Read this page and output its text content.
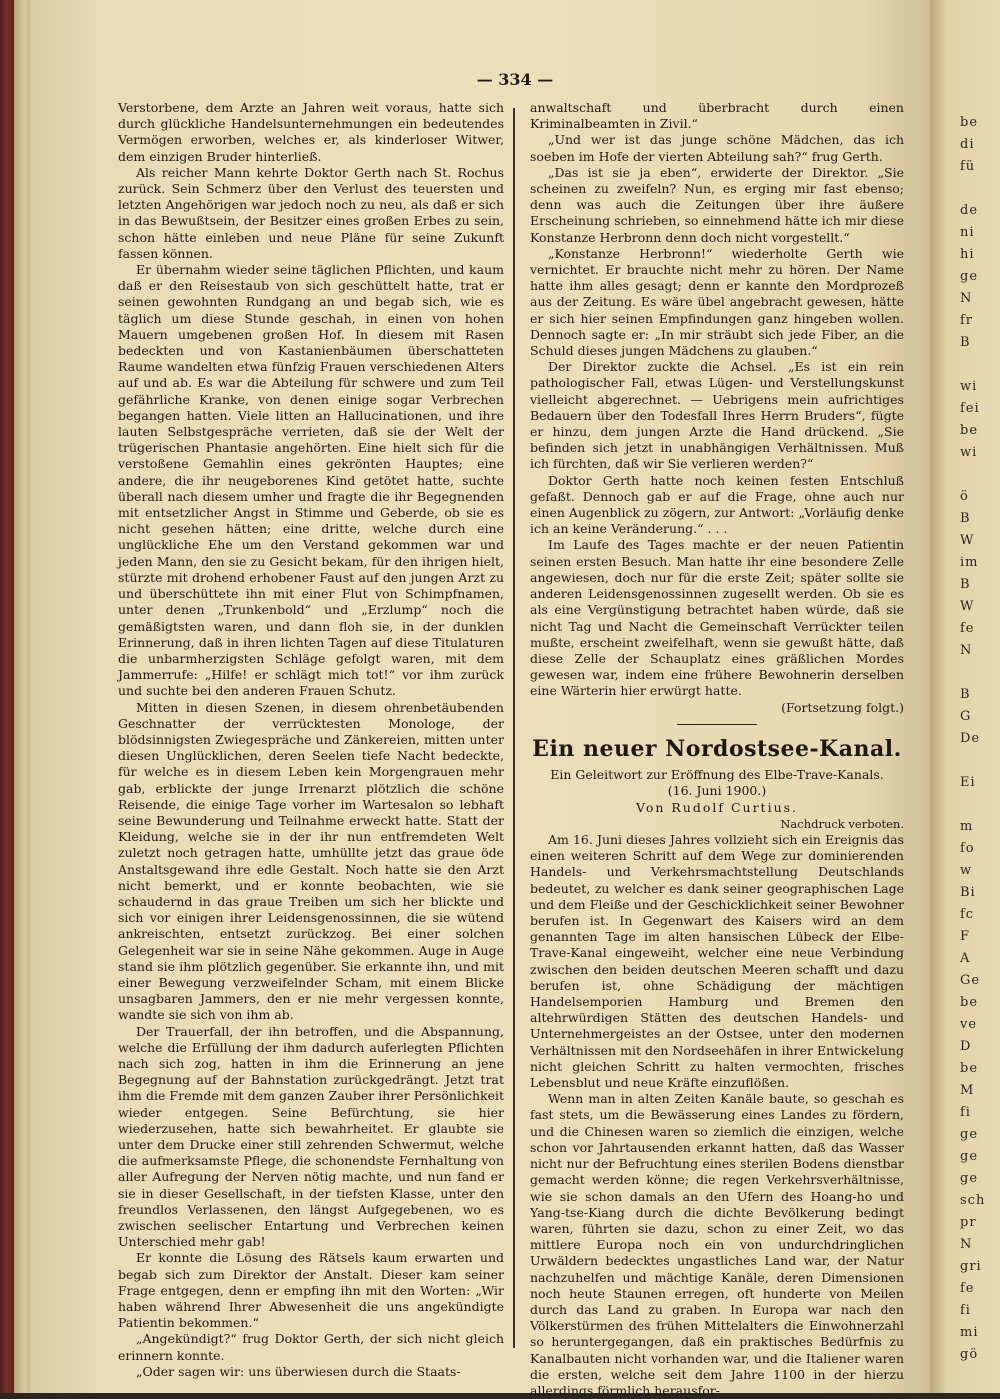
be
di
fü

de
ni
hi
ge
N
fr
B

wi
fei
be
wi

ö
B
W
im
B
W
fe
N

B
G
De

Ei

m
fo
w
Bi
fc
F
A
Ge
be
ve
D
be
M
fi
ge
ge
ge
sch
pr
N
gri
fe
fi
mi
gö
— 334 —

Verstorbene, dem Arzte an Jahren weit voraus, hatte sich durch glückliche Handelsunternehmungen ein bedeutendes Vermögen erworben, welches er, als kinderloser Witwer, dem einzigen Bruder hinterließ.

Als reicher Mann kehrte Doktor Gerth nach St. Rochus zurück. Sein Schmerz über den Verlust des teuersten und letzten Angehörigen war jedoch noch zu neu, als daß er sich in das Bewußtsein, der Besitzer eines großen Erbes zu sein, schon hätte einleben und neue Pläne für seine Zukunft fassen können.

Er übernahm wieder seine täglichen Pflichten, und kaum daß er den Reisestaub von sich geschüttelt hatte, trat er seinen gewohnten Rundgang an und begab sich, wie es täglich um diese Stunde geschah, in einen von hohen Mauern umgebenen großen Hof. In diesem mit Rasen bedeckten und von Kastanienbäumen überschatteten Raume wandelten etwa fünfzig Frauen verschiedenen Alters auf und ab. Es war die Abteilung für schwere und zum Teil gefährliche Kranke, von denen einige sogar Verbrechen begangen hatten. Viele litten an Hallucinationen, und ihre lauten Selbstgespräche verrieten, daß sie der Welt der trügerischen Phantasie angehörten. Eine hielt sich für die verstoßene Gemahlin eines gekrönten Hauptes; eine andere, die ihr neugeborenes Kind getötet hatte, suchte überall nach diesem umher und fragte die ihr Begegnenden mit entsetzlicher Angst in Stimme und Geberde, ob sie es nicht gesehen hätten; eine dritte, welche durch eine unglückliche Ehe um den Verstand gekommen war und jeden Mann, den sie zu Gesicht bekam, für den ihrigen hielt, stürzte mit drohend erhobener Faust auf den jungen Arzt zu und überschüttete ihn mit einer Flut von Schimpfnamen, unter denen „Trunkenbold“ und „Erzlump“ noch die gemäßigtsten waren, und dann floh sie, in der dunklen Erinnerung, daß in ihren lichten Tagen auf diese Titulaturen die unbarmherzigsten Schläge gefolgt waren, mit dem Jammerrufe: „Hilfe! er schlägt mich tot!“ vor ihm zurück und suchte bei den anderen Frauen Schutz.

Mitten in diesen Szenen, in diesem ohrenbetäubenden Geschnatter der verrücktesten Monologe, der blödsinnigsten Zwiegespräche und Zänkereien, mitten unter diesen Unglücklichen, deren Seelen tiefe Nacht bedeckte, für welche es in diesem Leben kein Morgengrauen mehr gab, erblickte der junge Irrenarzt plötzlich die schöne Reisende, die einige Tage vorher im Wartesalon so lebhaft seine Bewunderung und Teilnahme erweckt hatte. Statt der Kleidung, welche sie in der ihr nun entfremdeten Welt zuletzt noch getragen hatte, umhüllte jetzt das graue öde Anstaltsgewand ihre edle Gestalt. Noch hatte sie den Arzt nicht bemerkt, und er konnte beobachten, wie sie schaudernd in das graue Treiben um sich her blickte und sich vor einigen ihrer Leidensgenossinnen, die sie wütend ankreischten, entsetzt zurückzog. Bei einer solchen Gelegenheit war sie in seine Nähe gekommen. Auge in Auge stand sie ihm plötzlich gegenüber. Sie erkannte ihn, und mit einer Bewegung verzweifelnder Scham, mit einem Blicke unsagbaren Jammers, den er nie mehr vergessen konnte, wandte sie sich von ihm ab.

Der Trauerfall, der ihn betroffen, und die Abspannung, welche die Erfüllung der ihm dadurch auferlegten Pflichten nach sich zog, hatten in ihm die Erinnerung an jene Begegnung auf der Bahnstation zurückgedrängt. Jetzt trat ihm die Fremde mit dem ganzen Zauber ihrer Persönlichkeit wieder entgegen. Seine Befürchtung, sie hier wiederzusehen, hatte sich bewahrheitet. Er glaubte sie unter dem Drucke einer still zehrenden Schwermut, welche die aufmerksamste Pflege, die schonendste Fernhaltung von aller Aufregung der Nerven nötig machte, und nun fand er sie in dieser Gesellschaft, in der tiefsten Klasse, unter den freundlos Verlassenen, den längst Aufgegebenen, wo es zwischen seelischer Entartung und Verbrechen keinen Unterschied mehr gab!

Er konnte die Lösung des Rätsels kaum erwarten und begab sich zum Direktor der Anstalt. Dieser kam seiner Frage entgegen, denn er empfing ihn mit den Worten: „Wir haben während Ihrer Abwesenheit die uns angekündigte Patientin bekommen.“

„Angekündigt?“ frug Doktor Gerth, der sich nicht gleich erinnern konnte.

„Oder sagen wir: uns überwiesen durch die Staats-

anwaltschaft und überbracht durch einen Kriminalbeamten in Zivil.“

„Und wer ist das junge schöne Mädchen, das ich soeben im Hofe der vierten Abteilung sah?“ frug Gerth.

„Das ist sie ja eben“, erwiderte der Direktor. „Sie scheinen zu zweifeln? Nun, es erging mir fast ebenso; denn was auch die Zeitungen über ihre äußere Erscheinung schrieben, so einnehmend hätte ich mir diese Konstanze Herbronn denn doch nicht vorgestellt.“

„Konstanze Herbronn!“ wiederholte Gerth wie vernichtet. Er brauchte nicht mehr zu hören. Der Name hatte ihm alles gesagt; denn er kannte den Mordprozeß aus der Zeitung. Es wäre übel angebracht gewesen, hätte er sich hier seinen Empfindungen ganz hingeben wollen. Dennoch sagte er: „In mir sträubt sich jede Fiber, an die Schuld dieses jungen Mädchens zu glauben.“

Der Direktor zuckte die Achsel. „Es ist ein rein pathologischer Fall, etwas Lügen- und Verstellungskunst vielleicht abgerechnet. — Uebrigens mein aufrichtiges Bedauern über den Todesfall Ihres Herrn Bruders“, fügte er hinzu, dem jungen Arzte die Hand drückend. „Sie befinden sich jetzt in unabhängigen Verhältnissen. Muß ich fürchten, daß wir Sie verlieren werden?“

Doktor Gerth hatte noch keinen festen Entschluß gefaßt. Dennoch gab er auf die Frage, ohne auch nur einen Augenblick zu zögern, zur Antwort: „Vorläufig denke ich an keine Veränderung.“ . . .

Im Laufe des Tages machte er der neuen Patientin seinen ersten Besuch. Man hatte ihr eine besondere Zelle angewiesen, doch nur für die erste Zeit; später sollte sie anderen Leidensgenossinnen zugesellt werden. Ob sie es als eine Vergünstigung betrachtet haben würde, daß sie nicht Tag und Nacht die Gemeinschaft Verrückter teilen mußte, erscheint zweifelhaft, wenn sie gewußt hätte, daß diese Zelle der Schauplatz eines gräßlichen Mordes gewesen war, indem eine frühere Bewohnerin derselben eine Wärterin hier erwürgt hatte.

(Fortsetzung folgt.)

Ein neuer Nordostsee-Kanal.

Ein Geleitwort zur Eröffnung des Elbe-Trave-Kanals.

(16. Juni 1900.)

Von Rudolf Curtius.

Nachdruck verboten.

Am 16. Juni dieses Jahres vollzieht sich ein Ereignis das einen weiteren Schritt auf dem Wege zur dominierenden Handels- und Verkehrsmachtstellung Deutschlands bedeutet, zu welcher es dank seiner geographischen Lage und dem Fleiße und der Geschicklichkeit seiner Bewohner berufen ist. In Gegenwart des Kaisers wird an dem genannten Tage im alten hansischen Lübeck der Elbe-Trave-Kanal eingeweiht, welcher eine neue Verbindung zwischen den beiden deutschen Meeren schafft und dazu berufen ist, ohne Schädigung der mächtigen Handelsemporien Hamburg und Bremen den altehrwürdigen Stätten des deutschen Handels- und Unternehmergeistes an der Ostsee, unter den modernen Verhältnissen mit den Nordseehäfen in ihrer Entwickelung nicht gleichen Schritt zu halten vermochten, frisches Lebensblut und neue Kräfte einzuflößen.

Wenn man in alten Zeiten Kanäle baute, so geschah es fast stets, um die Bewässerung eines Landes zu fördern, und die Chinesen waren so ziemlich die einzigen, welche schon vor Jahrtausenden erkannt hatten, daß das Wasser nicht nur der Befruchtung eines sterilen Bodens dienstbar gemacht werden könne; die regen Verkehrsverhältnisse, wie sie schon damals an den Ufern des Hoang-ho und Yang-tse-Kiang durch die dichte Bevölkerung bedingt waren, führten sie dazu, schon zu einer Zeit, wo das mittlere Europa noch ein von undurchdringlichen Urwäldern bedecktes ungastliches Land war, der Natur nachzuhelfen und mächtige Kanäle, deren Dimensionen noch heute Staunen erregen, oft hunderte von Meilen durch das Land zu graben. In Europa war nach den Völkerstürmen des frühen Mittelalters die Einwohnerzahl so heruntergegangen, daß ein praktisches Bedürfnis zu Kanalbauten nicht vorhanden war, und die Italiener waren die ersten, welche seit dem Jahre 1100 in der hierzu allerdings förmlich herausfor-
